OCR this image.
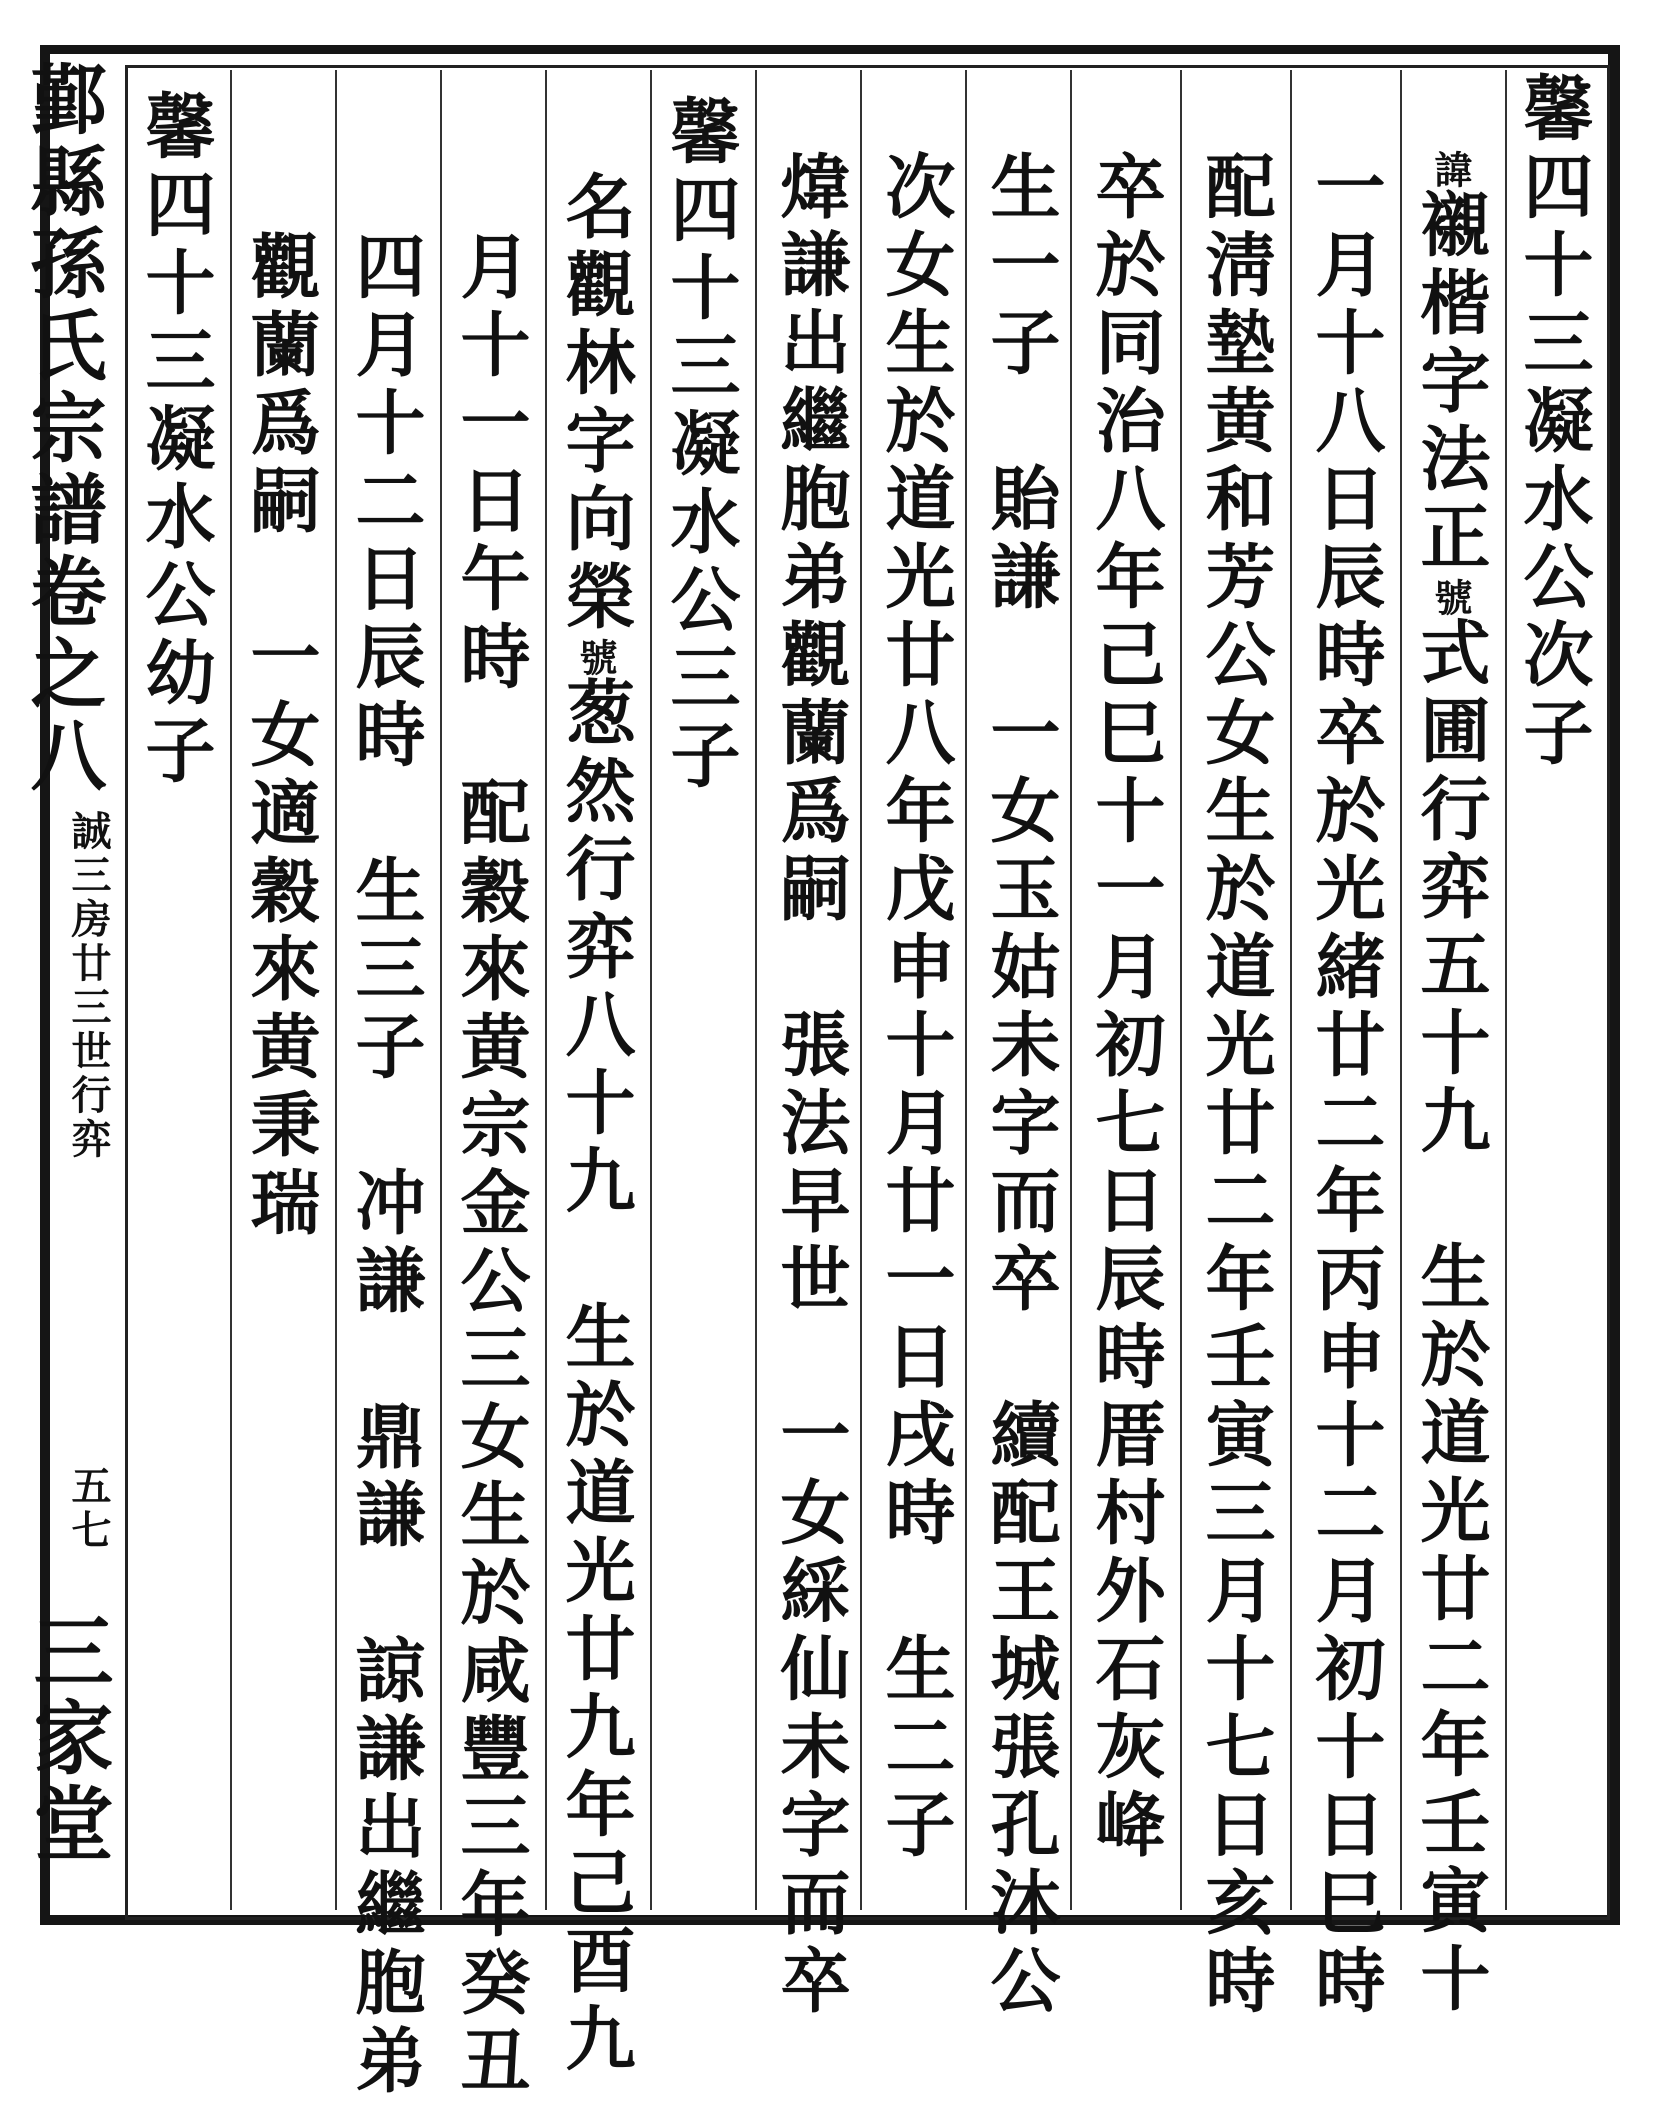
鄞縣孫氏宗譜卷之八
誠三房廿三世行弈
五七
三家堂
馨四十三凝水公次子
諱襯楷字法正號式圃行弈五十九　生於道光廿二年壬寅十
一月十八日辰時卒於光緒廿二年丙申十二月初十日巳時
配淸墊黄和芳公女生於道光廿二年壬寅三月十七日亥時
卒於同治八年己巳十一月初七日辰時厝村外石灰𡶶
生一子　貽謙　一女玉姑未字而卒　續配王城張孔沐公
次女生於道光廿八年戊申十月廿一日戌時　生二子
煒謙出繼胞弟觀蘭爲嗣　張法早世　一女綵仙未字而卒
馨四十三凝水公三子
名觀林字向榮號葱然行弈八十九　生於道光廿九年己酉九
月十一日午時　配穀來黄宗金公三女生於咸豐三年癸丑
四月十二日辰時　生三子　冲謙　鼎謙　諒謙出繼胞弟
觀蘭爲嗣　一女適穀來黄秉瑞
馨四十三凝水公幼子
